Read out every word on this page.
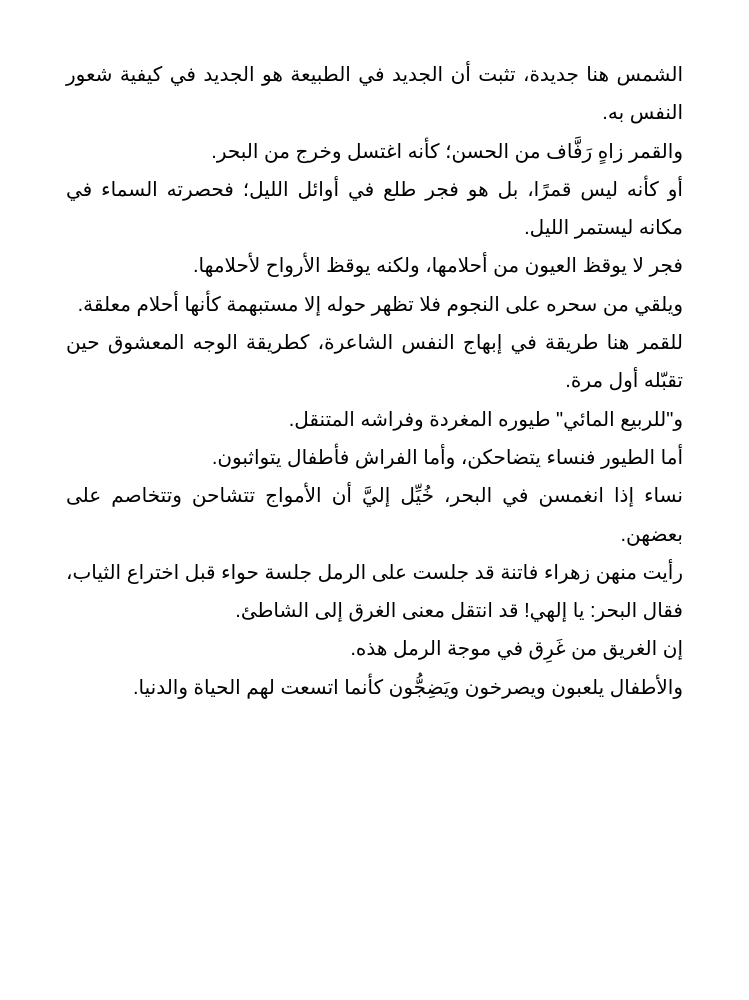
الشمس هنا جديدة، تثبت أن الجديد في الطبيعة هو الجديد في كيفية شعور النفس به.

والقمر زاهٍ رَفَّاف من الحسن؛ كأنه اغتسل وخرج من البحر.

أو كأنه ليس قمرًا، بل هو فجر طلع في أوائل الليل؛ فحصرته السماء في مكانه ليستمر الليل.

فجر لا يوقظ العيون من أحلامها، ولكنه يوقظ الأرواح لأحلامها.

ويلقي من سحره على النجوم فلا تظهر حوله إلا مستبهمة كأنها أحلام معلقة.

للقمر هنا طريقة في إبهاج النفس الشاعرة، كطريقة الوجه المعشوق حين تقبّله أول مرة.

و"للربيع المائي" طيوره المغردة وفراشه المتنقل.

أما الطيور فنساء يتضاحكن، وأما الفراش فأطفال يتواثبون.

نساء إذا انغمسن في البحر، خُيِّل إليَّ أن الأمواج تتشاحن وتتخاصم على بعضهن.

رأيت منهن زهراء فاتنة قد جلست على الرمل جلسة حواء قبل اختراع الثياب، فقال البحر: يا إلهي! قد انتقل معنى الغرق إلى الشاطئ.

إن الغريق من غَرِق في موجة الرمل هذه.

والأطفال يلعبون ويصرخون ويَضِجُّون كأنما اتسعت لهم الحياة والدنيا.
